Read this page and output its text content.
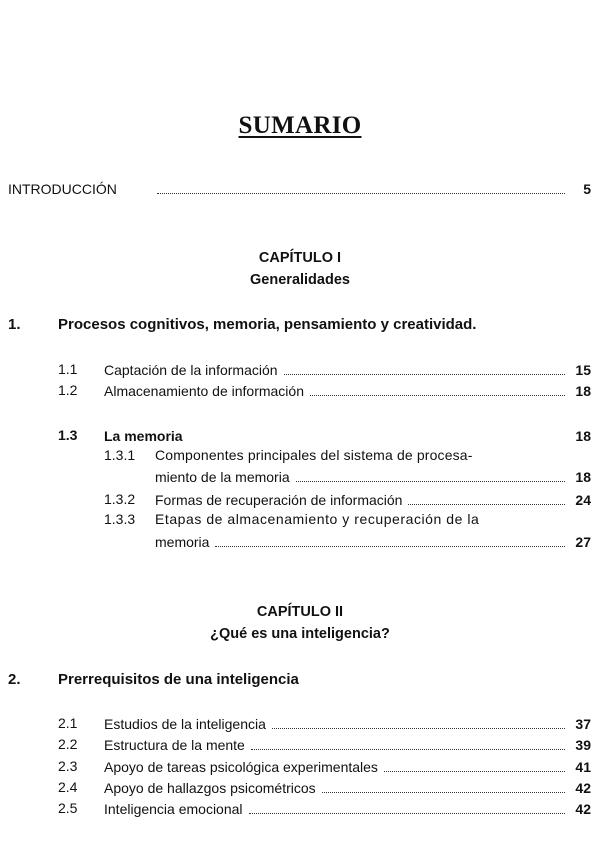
SUMARIO
INTRODUCCIÓN	5
CAPÍTULO I
Generalidades
1. Procesos cognitivos, memoria, pensamiento y creatividad.
1.1 Captación de la información	15
1.2 Almacenamiento de información	18
1.3 La memoria	18
1.3.1 Componentes principales del sistema de procesa-
miento de la memoria	18
1.3.2 Formas de recuperación de información	24
1.3.3 Etapas de almacenamiento y recuperación de la
memoria	27
CAPÍTULO II
¿Qué es una inteligencia?
2. Prerrequisitos de una inteligencia
2.1 Estudios de la inteligencia	37
2.2 Estructura de la mente	39
2.3 Apoyo de tareas psicológica experimentales	41
2.4 Apoyo de hallazgos psicométricos	42
2.5 Inteligencia emocional	42
